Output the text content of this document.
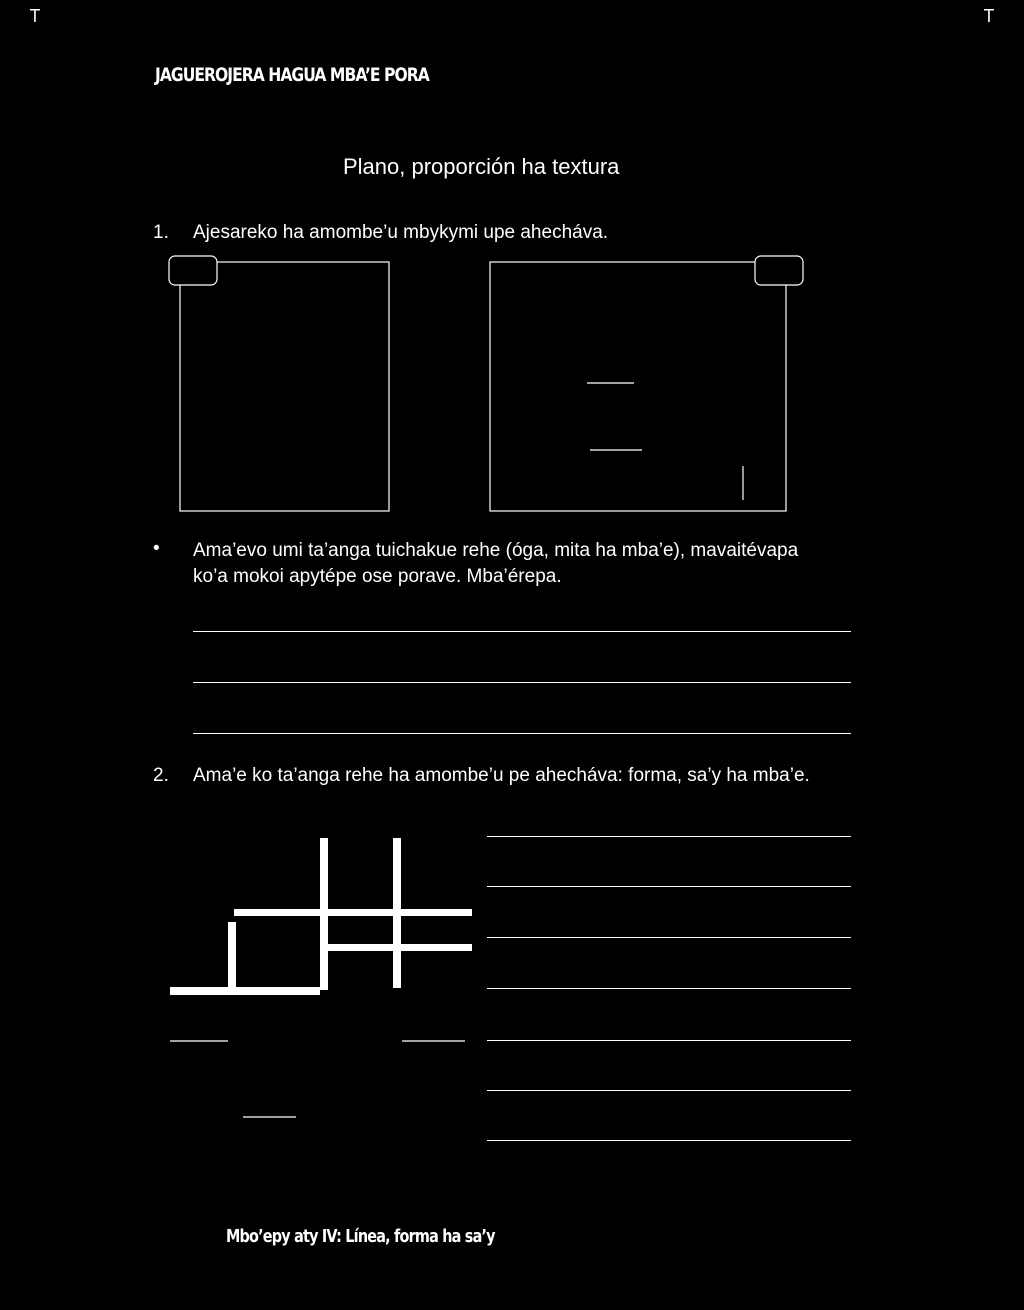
T	T
JAGUEROJERA HAGUA MBA’E PORA
Plano, proporción ha textura
1. Ajesareko ha amombe’u mbykymi upe ahecháva.
• Ama’evo umi ta’anga tuichakue rehe (óga, mita ha mba’e), mavaitévapa
ko’a mokoi apytépe ose porave. Mba’érepa.
2. Ama’e ko ta’anga rehe ha amombe’u pe ahecháva: forma, sa’y ha mba’e.
Mbo’epy aty IV: Línea, forma ha sa’y
